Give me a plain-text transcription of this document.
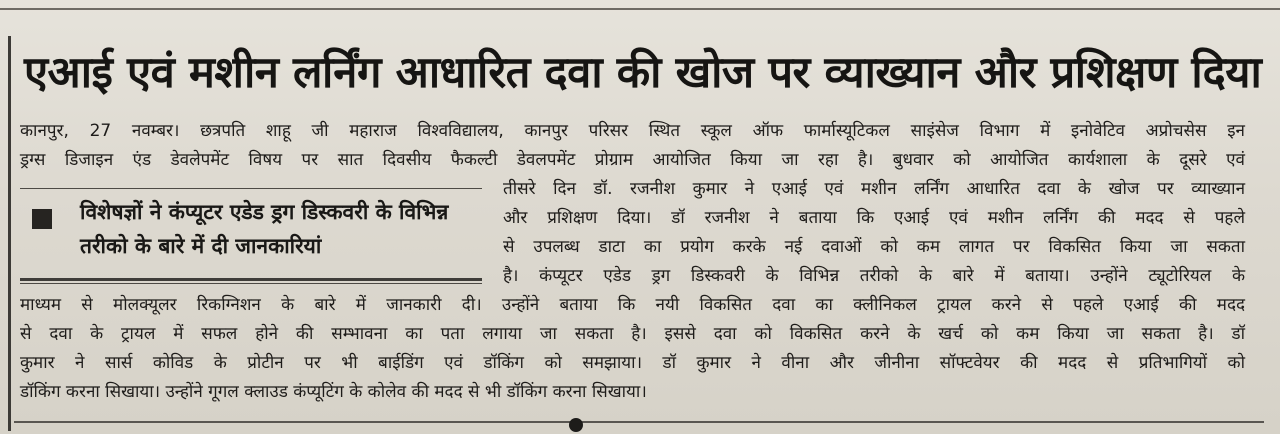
एआई एवं मशीन लर्निंग आधारित दवा की खोज पर व्याख्यान और प्रशिक्षण दिया
कानपुर, 27 नवम्बर। छत्रपति शाहू जी महाराज विश्वविद्यालय, कानपुर परिसर स्थित स्कूल ऑफ फार्मास्यूटिकल साइंसेज विभाग में इनोवेटिव अप्रोचसेस इन
ड्रग्स डिजाइन एंड डेवलेपमेंट विषय पर सात दिवसीय फैकल्टी डेवलपमेंट प्रोग्राम आयोजित किया जा रहा है। बुधवार को आयोजित कार्यशाला के दूसरे एवं

विशेषज्ञों ने कंप्यूटर एडेड ड्रग डिस्कवरी के विभिन्न तरीको के बारे में दी जानकारियां

तीसरे दिन डॉ. रजनीश कुमार ने एआई एवं मशीन लर्निंग आधारित दवा के खोज पर व्याख्यान
और प्रशिक्षण दिया। डॉ रजनीश ने बताया कि एआई एवं मशीन लर्निंग की मदद से पहले
से उपलब्ध डाटा का प्रयोग करके नई दवाओं को कम लागत पर विकसित किया जा सकता
है। कंप्यूटर एडेड ड्रग डिस्कवरी के विभिन्न तरीको के बारे में बताया। उन्होंने ट्यूटोरियल के
माध्यम से मोलक्यूलर रिकग्निशन के बारे में जानकारी दी। उन्होंने बताया कि नयी विकसित दवा का क्लीनिकल ट्रायल करने से पहले एआई की मदद
से दवा के ट्रायल में सफल होने की सम्भावना का पता लगाया जा सकता है। इससे दवा को विकसित करने के खर्च को कम किया जा सकता है। डॉ
कुमार ने सार्स कोविड के प्रोटीन पर भी बाईडिंग एवं डॉकिंग को समझाया। डॉ कुमार ने वीना और जीनीना सॉफ्टवेयर की मदद से प्रतिभागियों को
डॉकिंग करना सिखाया। उन्होंने गूगल क्लाउड कंप्यूटिंग के कोलेव की मदद से भी डॉकिंग करना सिखाया।
